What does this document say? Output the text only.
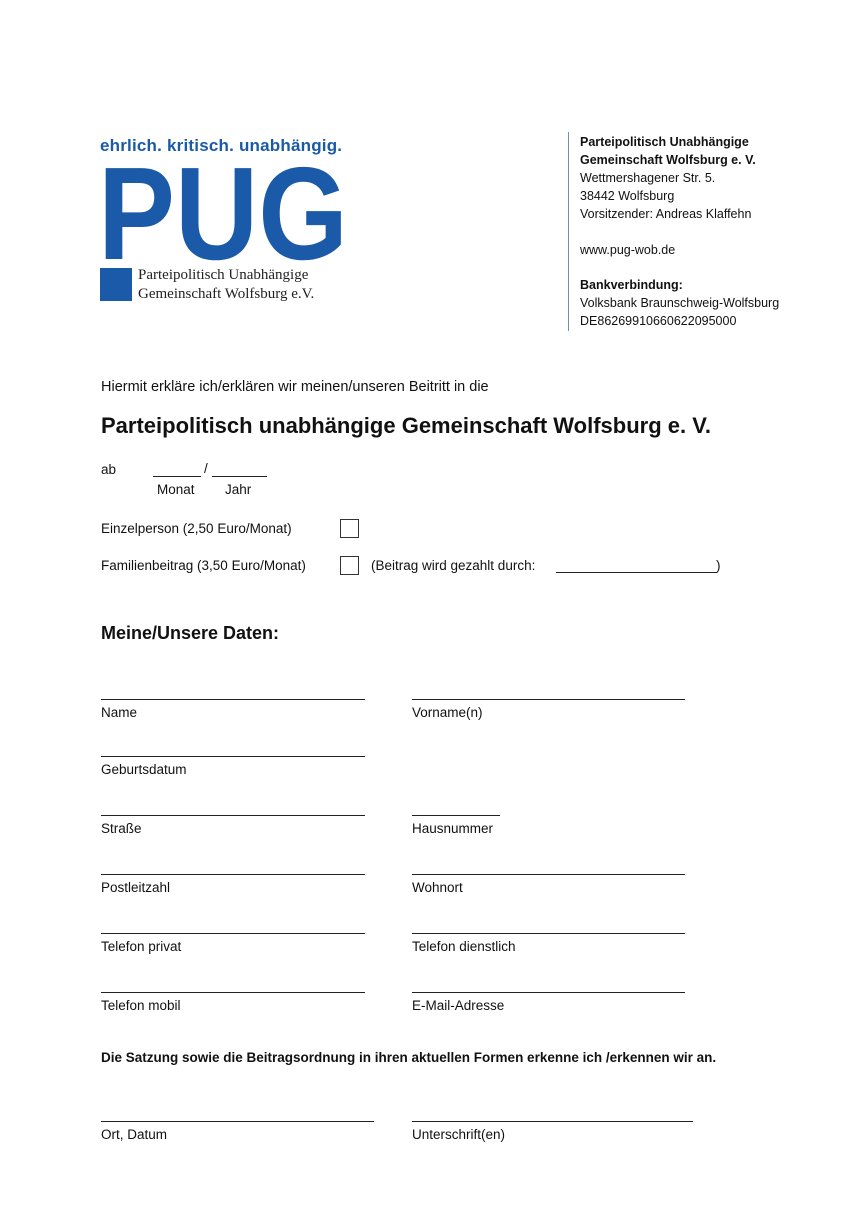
ehrlich. kritisch. unabhängig.
PUG
Parteipolitisch Unabhängige
Gemeinschaft Wolfsburg e.V.
Parteipolitisch Unabhängige
Gemeinschaft Wolfsburg e. V.
Wettmershagener Str. 5.
38442 Wolfsburg
Vorsitzender: Andreas Klaffehn
www.pug-wob.de
Bankverbindung:
Volksbank Braunschweig-Wolfsburg
DE86269910660622095000
Hiermit erkläre ich/erklären wir meinen/unseren Beitritt in die
Parteipolitisch unabhängige Gemeinschaft Wolfsburg e. V.
ab	/
Monat Jahr
Einzelperson (2,50 Euro/Monat)
Familienbeitrag (3,50 Euro/Monat)	(Beitrag wird gezahlt durch:	)
Meine/Unsere Daten:
Name	Vorname(n)
Geburtsdatum
Straße	Hausnummer
Postleitzahl	Wohnort
Telefon privat	Telefon dienstlich
Telefon mobil	E-Mail-Adresse
Die Satzung sowie die Beitragsordnung in ihren aktuellen Formen erkenne ich /erkennen wir an.
Ort, Datum	Unterschrift(en)
